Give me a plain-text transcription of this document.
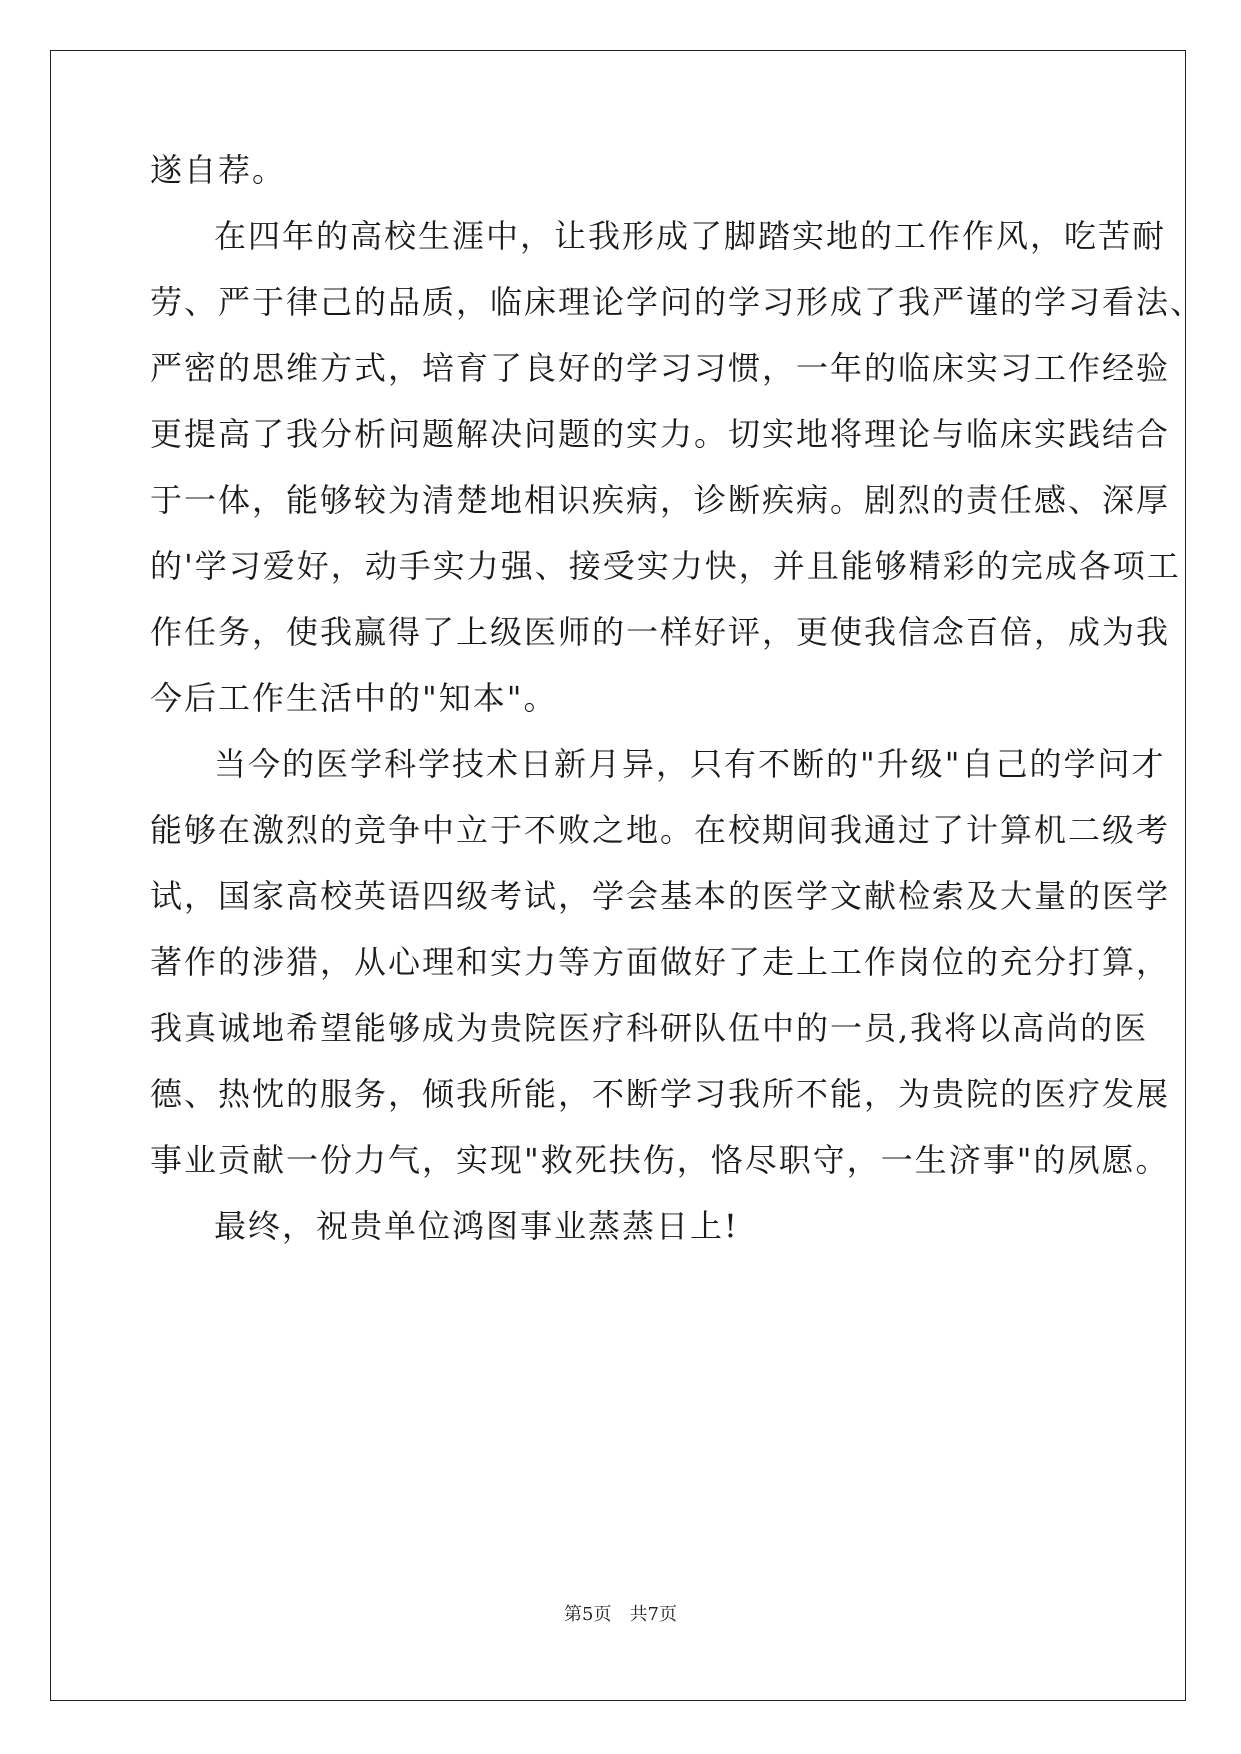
遂自荐。
在四年的高校生涯中，让我形成了脚踏实地的工作作风，吃苦耐
劳、严于律己的品质，临床理论学问的学习形成了我严谨的学习看法、
严密的思维方式，培育了良好的学习习惯，一年的临床实习工作经验
更提高了我分析问题解决问题的实力。切实地将理论与临床实践结合
于一体，能够较为清楚地相识疾病，诊断疾病。剧烈的责任感、深厚
的'学习爱好，动手实力强、接受实力快，并且能够精彩的完成各项工
作任务，使我赢得了上级医师的一样好评，更使我信念百倍，成为我
今后工作生活中的"知本"。
当今的医学科学技术日新月异，只有不断的"升级"自己的学问才
能够在激烈的竞争中立于不败之地。在校期间我通过了计算机二级考
试，国家高校英语四级考试，学会基本的医学文献检索及大量的医学
著作的涉猎，从心理和实力等方面做好了走上工作岗位的充分打算，
我真诚地希望能够成为贵院医疗科研队伍中的一员,我将以高尚的医
德、热忱的服务，倾我所能，不断学习我所不能，为贵院的医疗发展
事业贡献一份力气，实现"救死扶伤，恪尽职守，一生济事"的夙愿。
最终，祝贵单位鸿图事业蒸蒸日上!
第5页　共7页
